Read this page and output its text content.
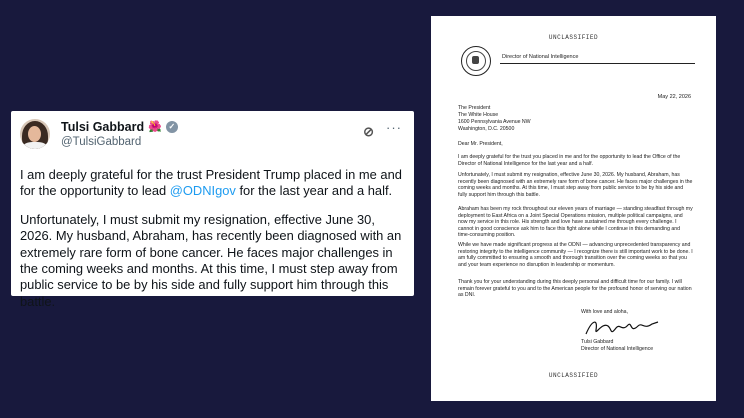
Tulsi Gabbard 🌺 ✓
@TulsiGabbard
⊘ ···

I am deeply grateful for the trust President Trump placed in me and for the opportunity to lead @ODNIgov for the last year and a half.

Unfortunately, I must submit my resignation, effective June 30, 2026. My husband, Abraham, has recently been diagnosed with an extremely rare form of bone cancer. He faces major challenges in the coming weeks and months. At this time, I must step away from public service to be by his side and fully support him through this battle.

UNCLASSIFIED
Director of National Intelligence
May 22, 2026
The President
The White House
1600 Pennsylvania Avenue NW
Washington, D.C. 20500
Dear Mr. President,
I am deeply grateful for the trust you placed in me and for the opportunity to lead the Office of the Director of National Intelligence for the last year and a half.
Unfortunately, I must submit my resignation, effective June 30, 2026. My husband, Abraham, has recently been diagnosed with an extremely rare form of bone cancer. He faces major challenges in the coming weeks and months. At this time, I must step away from public service to be by his side and fully support him through this battle.
Abraham has been my rock throughout our eleven years of marriage — standing steadfast through my deployment to East Africa on a Joint Special Operations mission, multiple political campaigns, and now my service in this role. His strength and love have sustained me through every challenge. I cannot in good conscience ask him to face this fight alone while I continue in this demanding and time-consuming position.
While we have made significant progress at the ODNI — advancing unprecedented transparency and restoring integrity to the intelligence community — I recognize there is still important work to be done. I am fully committed to ensuring a smooth and thorough transition over the coming weeks so that you and your team experience no disruption in leadership or momentum.
Thank you for your understanding during this deeply personal and difficult time for our family. I will remain forever grateful to you and to the American people for the profound honor of serving our nation as DNI.
With love and aloha,
Tulsi Gabbard
Director of National Intelligence
UNCLASSIFIED
